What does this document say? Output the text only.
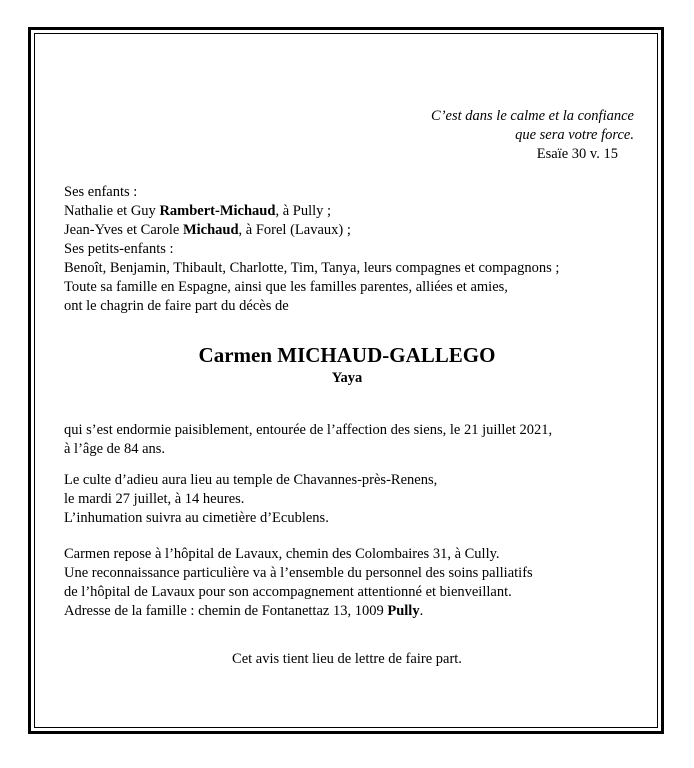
C’est dans le calme et la confiance
que sera votre force.
Esaïe 30 v. 15
Ses enfants :
Nathalie et Guy Rambert-Michaud, à Pully ;
Jean-Yves et Carole Michaud, à Forel (Lavaux) ;
Ses petits-enfants :
Benoît, Benjamin, Thibault, Charlotte, Tim, Tanya, leurs compagnes et compagnons ;
Toute sa famille en Espagne, ainsi que les familles parentes, alliées et amies,
ont le chagrin de faire part du décès de
Carmen MICHAUD-GALLEGO
Yaya
qui s’est endormie paisiblement, entourée de l’affection des siens, le 21 juillet 2021,
à l’âge de 84 ans.
Le culte d’adieu aura lieu au temple de Chavannes-près-Renens,
le mardi 27 juillet, à 14 heures.
L’inhumation suivra au cimetière d’Ecublens.
Carmen repose à l’hôpital de Lavaux, chemin des Colombaires 31, à Cully.
Une reconnaissance particulière va à l’ensemble du personnel des soins palliatifs
de l’hôpital de Lavaux pour son accompagnement attentionné et bienveillant.
Adresse de la famille : chemin de Fontanettaz 13, 1009 Pully.
Cet avis tient lieu de lettre de faire part.
